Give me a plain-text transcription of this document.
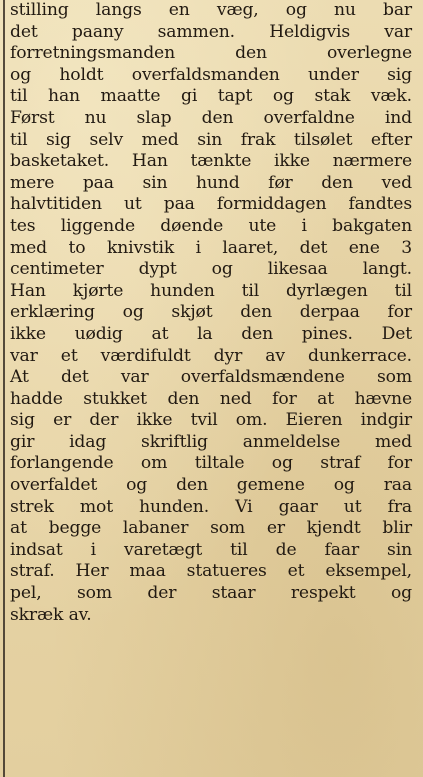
stilling langs en væg, og nu bar
det paany sammen. Heldigvis var
forretningsmanden den overlegne
og holdt overfaldsmanden under sig
til han maatte gi tapt og stak væk.
Først nu slap den overfaldne ind
til sig selv med sin frak tilsølet efter
basketaket. Han tænkte ikke nærmere
mere paa sin hund før den ved
halvtitiden ut paa formiddagen fandtes
tes liggende døende ute i bakgaten
med to knivstik i laaret, det ene 3
centimeter dypt og likesaa langt.
Han kjørte hunden til dyrlægen til
erklæring og skjøt den derpaa for
ikke uødig at la den pines. Det
var et værdifuldt dyr av dunkerrace.
At det var overfaldsmændene som
hadde stukket den ned for at hævne
sig er der ikke tvil om. Eieren indgir
gir idag skriftlig anmeldelse med
forlangende om tiltale og straf for
overfaldet og den gemene og raa
strek mot hunden. Vi gaar ut fra
at begge labaner som er kjendt blir
indsat i varetægt til de faar sin
straf. Her maa statueres et eksempel,
pel, som der staar respekt og
skræk av.
